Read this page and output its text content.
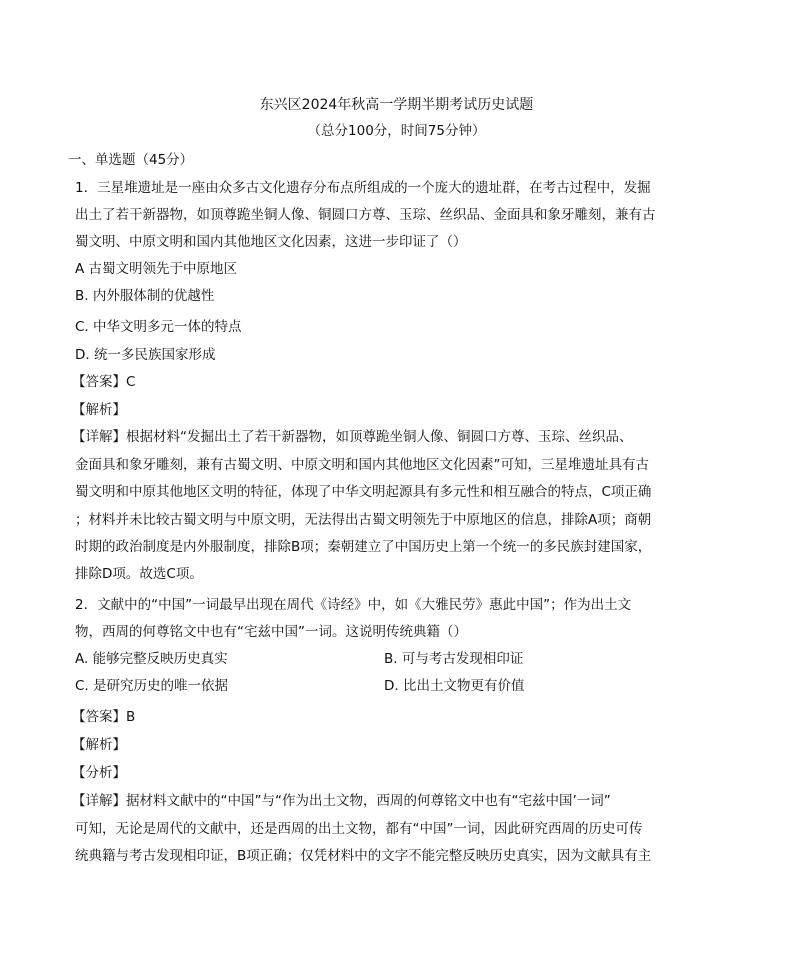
东兴区2024年秋高一学期半期考试历史试题
（总分100分，时间75分钟）
一、单选题（45分）
1．三星堆遗址是一座由众多古文化遗存分布点所组成的一个庞大的遗址群，在考古过程中，发掘
出土了若干新器物，如顶尊跪坐铜人像、铜圆口方尊、玉琮、丝织品、金面具和象牙雕刻，兼有古
蜀文明、中原文明和国内其他地区文化因素，这进一步印证了（）
A 古蜀文明领先于中原地区
B. 内外服体制的优越性
C. 中华文明多元一体的特点
D. 统一多民族国家形成
【答案】C
【解析】
【详解】根据材料“发掘出土了若干新器物，如顶尊跪坐铜人像、铜圆口方尊、玉琮、丝织品、
金面具和象牙雕刻，兼有古蜀文明、中原文明和国内其他地区文化因素”可知，三星堆遗址具有古
蜀文明和中原其他地区文明的特征，体现了中华文明起源具有多元性和相互融合的特点，C项正确
；材料并未比较古蜀文明与中原文明，无法得出古蜀文明领先于中原地区的信息，排除A项；商朝
时期的政治制度是内外服制度，排除B项；秦朝建立了中国历史上第一个统一的多民族封建国家，
排除D项。故选C项。
2．文献中的“中国”一词最早出现在周代《诗经》中，如《大雅民劳》惠此中国”；作为出土文
物，西周的何尊铭文中也有“宅兹中国”一词。这说明传统典籍（）
A. 能够完整反映历史真实	B. 可与考古发现相印证
C. 是研究历史的唯一依据	D. 比出土文物更有价值
【答案】B
【解析】
【分析】
【详解】据材料文献中的“中国”与“作为出土文物，西周的何尊铭文中也有“宅兹中国’一词”
可知，无论是周代的文献中，还是西周的出土文物，都有“中国”一词，因此研究西周的历史可传
统典籍与考古发现相印证，B项正确；仅凭材料中的文字不能完整反映历史真实，因为文献具有主
